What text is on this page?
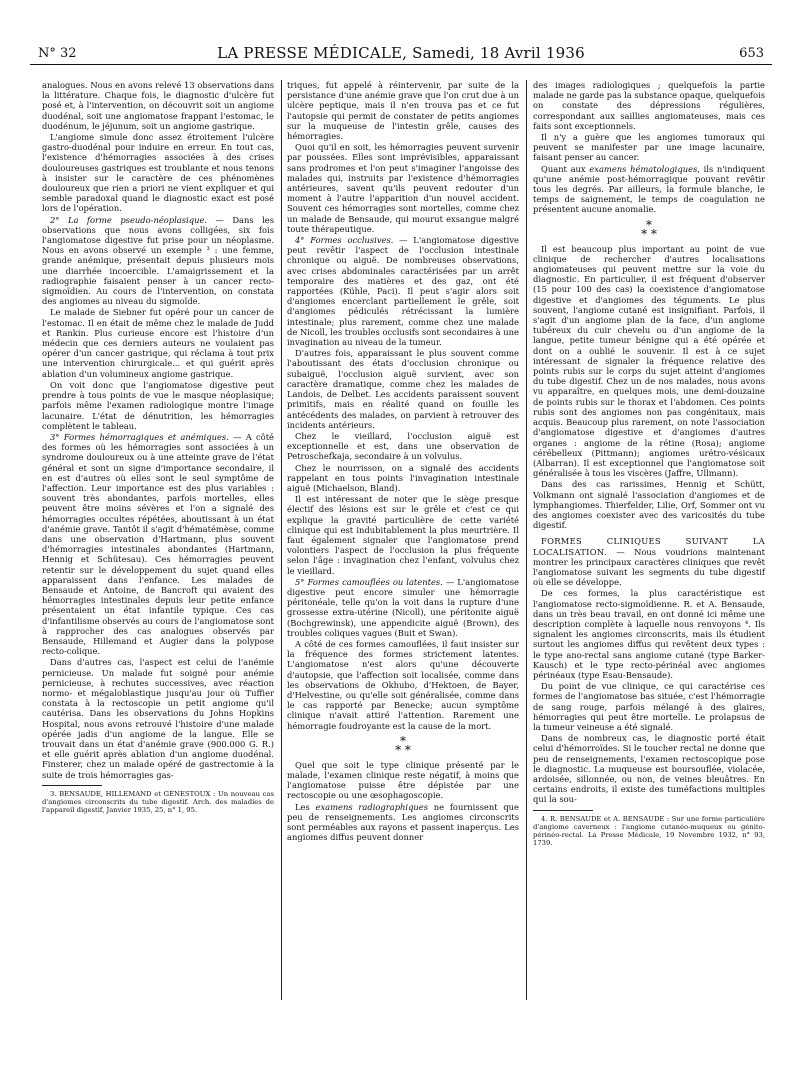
N° 32	LA PRESSE MÉDICALE, Samedi, 18 Avril 1936	653

analogues. Nous en avons relevé 13 observations dans la littérature. Chaque fois, le diagnostic d'ulcère fut posé et, à l'intervention, on découvrit soit un angiome duodénal, soit une angiomatose frappant l'estomac, le duodénum, le jéjunum, soit un angiome gastrique.

L'angiome simule donc assez étroitement l'ulcère gastro-duodénal pour induire en erreur. En tout cas, l'existence d'hémorragies associées à des crises douloureuses gastriques est troublante et nous tenons à insister sur le caractère de ces phénomènes douloureux que rien a priori ne vient expliquer et qui semble paradoxal quand le diagnostic exact est posé lors de l'opération.

2° La forme pseudo-néoplasique. — Dans les observations que nous avons colligées, six fois l'angiomatose digestive fut prise pour un néoplasme. Nous en avons observé un exemple ³ : une femme, grande anémique, présentait depuis plusieurs mois une diarrhée incoercible. L'amaigrissement et la radiographie faisaient penser à un cancer recto-sigmoïdien. Au cours de l'intervention, on constata des angiomes au niveau du sigmoïde.

Le malade de Siebner fut opéré pour un cancer de l'estomac. Il en était de même chez le malade de Judd et Rankin. Plus curieuse encore est l'histoire d'un médecin que ces derniers auteurs ne voulaient pas opérer d'un cancer gastrique, qui réclama à tout prix une intervention chirurgicale... et qui guérit après ablation d'un volumineux angiome gastrique.

On voit donc que l'angiomatose digestive peut prendre à tous points de vue le masque néoplasique; parfois même l'examen radiologique montre l'image lacunaire. L'état de dénutrition, les hémorragies complètent le tableau.

3° Formes hémorragiques et anémiques. — A côté des formes où les hémorragies sont associées à un syndrome douloureux ou à une atteinte grave de l'état général et sont un signe d'importance secondaire, il en est d'autres où elles sont le seul symptôme de l'affection. Leur importance est des plus variables : souvent très abondantes, parfois mortelles, elles peuvent être moins sévères et l'on a signalé des hémorragies occultes répétées, aboutissant à un état d'anémie grave. Tantôt il s'agit d'hématémèse, comme dans une observation d'Hartmann, plus souvent d'hémorragies intestinales abondantes (Hartmann, Hennig et Schütesau). Ces hémorragies peuvent retentir sur le développement du sujet quand elles apparaissent dans l'enfance. Les malades de Bensaude et Antoine, de Bancroft qui avaient des hémorragies intestinales depuis leur petite enfance présentaient un état infantile typique. Ces cas d'infantilisme observés au cours de l'angiomatose sont à rapprocher des cas analogues observés par Bensaude, Hillemand et Augier dans la polypose recto-colique.

Dans d'autres cas, l'aspect est celui de l'anémie pernicieuse. Un malade fut soigné pour anémie pernicieuse, à rechutes successives, avec réaction normo- et mégaloblastique jusqu'au jour où Tuffier constata à la rectoscopie un petit angiome qu'il cautérisa. Dans les observations du Johns Hopkins Hospital, nous avons retrouvé l'histoire d'une malade opérée jadis d'un angiome de la langue. Elle se trouvait dans un état d'anémie grave (900.000 G. R.) et elle guérit après ablation d'un angiome duodénal. Finsterer, chez un malade opéré de gastrectomie à la suite de trois hémorragies gas-

3. BENSAUDE, HILLEMAND et GÉNESTOUX : Un nouveau cas d'angiomes circonscrits du tube digestif. Arch. des maladies de l'appareil digestif, Janvier 1935, 25, n° 1, 95.

triques, fut appelé à réintervenir, par suite de la persistance d'une anémie grave que l'on crut due à un ulcère peptique, mais il n'en trouva pas et ce fut l'autopsie qui permit de constater de petits angiomes sur la muqueuse de l'intestin grêle, causes des hémorragies.

Quoi qu'il en soit, les hémorragies peuvent survenir par poussées. Elles sont imprévisibles, apparaissant sans prodromes et l'on peut s'imaginer l'angoisse des malades qui, instruits par l'existence d'hémorragies antérieures, savent qu'ils peuvent redouter d'un moment à l'autre l'apparition d'un nouvel accident. Souvent ces hémorragies sont mortelles, comme chez un malade de Bensaude, qui mourut exsangue malgré toute thérapeutique.

4° Formes occlusives. — L'angiomatose digestive peut revêtir l'aspect de l'occlusion intestinale chronique ou aiguë. De nombreuses observations, avec crises abdominales caractérisées par un arrêt temporaire des matières et des gaz, ont été rapportées (Kühle, Paci). Il peut s'agir alors soit d'angiomes encerclant partiellement le grêle, soit d'angiomes pédiculés rétrécissant la lumière intestinale; plus rarement, comme chez une malade de Nicoll, les troubles occlusifs sont secondaires à une invagination au niveau de la tumeur.

D'autres fois, apparaissant le plus souvent comme l'aboutissant des états d'occlusion chronique ou subaiguë, l'occlusion aiguë survient, avec son caractère dramatique, comme chez les malades de Landois, de Delbet. Les accidents paraissent souvent primitifs, mais en réalité quand on fouille les antécédents des malades, on parvient à retrouver des incidents antérieurs.

Chez le vieillard, l'occlusion aiguë est exceptionnelle et est, dans une observation de Petroschefkaja, secondaire à un volvulus.

Chez le nourrisson, on a signalé des accidents rappelant en tous points l'invagination intestinale aiguë (Michaelson, Bland).

Il est intéressant de noter que le siège presque électif des lésions est sur le grêle et c'est ce qui explique la gravité particulière de cette variété clinique qui est indubitablement la plus meurtrière. Il faut également signaler que l'angiomatose prend volontiers l'aspect de l'occlusion la plus fréquente selon l'âge : invagination chez l'enfant, volvulus chez le vieillard.

5° Formes camouflées ou latentes. — L'angiomatose digestive peut encore simuler une hémorragie péritonéale, telle qu'on la voit dans la rupture d'une grossesse extra-utérine (Nicoll), une péritonite aiguë (Bochgrewinsk), une appendicite aiguë (Brown), des troubles coliques vagues (Buit et Swan).

A côté de ces formes camouflées, il faut insister sur la fréquence des formes strictement latentes. L'angiomatose n'est alors qu'une découverte d'autopsie, que l'affection soit localisée, comme dans les observations de Okhubo, d'Hektoen, de Bayer, d'Helvestine, ou qu'elle soit généralisée, comme dans le cas rapporté par Benecke; aucun symptôme clinique n'avait attiré l'attention. Rarement une hémorragie foudroyante est la cause de la mort.

*
* *

Quel que soit le type clinique présenté par le malade, l'examen clinique reste négatif, à moins que l'angiomatose puisse être dépistée par une rectoscopie ou une œsophagoscopie.

Les examens radiographiques ne fournissent que peu de renseignements. Les angiomes circonscrits sont perméables aux rayons et passent inaperçus. Les angiomes diffus peuvent donner

des images radiologiques ; quelquefois la partie malade ne garde pas la substance opaque, quelquefois on constate des dépressions régulières, correspondant aux saillies angiomateuses, mais ces faits sont exceptionnels.

Il n'y a guère que les angiomes tumoraux qui peuvent se manifester par une image lacunaire, faisant penser au cancer.

Quant aux examens hématologiques, ils n'indiquent qu'une anémie post-hémorragique pouvant revêtir tous les degrés. Par ailleurs, la formule blanche, le temps de saignement, le temps de coagulation ne présentent aucune anomalie.

*
* *

Il est beaucoup plus important au point de vue clinique de rechercher d'autres localisations angiomateuses qui peuvent mettre sur la voie du diagnostic. En particulier, il est fréquent d'observer (15 pour 100 des cas) la coexistence d'angiomatose digestive et d'angiomes des téguments. Le plus souvent, l'angiome cutané est insignifiant. Parfois, il s'agit d'un angiome plan de la face, d'un angiome tubéreux du cuir chevelu ou d'un angiome de la langue, petite tumeur bénigne qui a été opérée et dont on a oublié le souvenir. Il est à ce sujet intéressant de signaler la fréquence relative des points rubis sur le corps du sujet atteint d'angiomes du tube digestif. Chez un de nos malades, nous avons vu apparaître, en quelques mois, une demi-douzaine de points rubis sur le thorax et l'abdomen. Ces points rubis sont des angiomes non pas congénitaux, mais acquis. Beaucoup plus rarement, on note l'association d'angiomatose digestive et d'angiomes d'autres organes : angiome de la rétine (Rosa); angiome cérébelleux (Pittmann); angiomes urétro-vésicaux (Albarran). Il est exceptionnel que l'angiomatose soit généralisée à tous les viscères (Jaffre, Ullmann).

Dans des cas rarissimes, Hennig et Schütt, Volkmann ont signalé l'association d'angiomes et de lymphangiomes. Thierfelder, Lilie, Orf, Sommer ont vu des angiomes coexister avec des varicosités du tube digestif.

FORMES CLINIQUES SUIVANT LA LOCALISATION. — Nous voudrions maintenant montrer les principaux caractères cliniques que revêt l'angiomatose suivant les segments du tube digestif où elle se développe.

De ces formes, la plus caractéristique est l'angiomatose recto-sigmoïdienne. R. et A. Bensaude, dans un très beau travail, en ont donné ici même une description complète à laquelle nous renvoyons ⁴. Ils signalent les angiomes circonscrits, mais ils étudient surtout les angiomes diffus qui revêtent deux types : le type ano-rectal sans angiome cutané (type Barker-Kausch) et le type recto-périnéal avec angiomes périnéaux (type Esau-Bensaude).

Du point de vue clinique, ce qui caractérise ces formes de l'angiomatose bas située, c'est l'hémorragie de sang rouge, parfois mélangé à des glaires, hémorragies qui peut être mortelle. Le prolapsus de la tumeur veineuse a été signalé.

Dans de nombreux cas, le diagnostic porté était celui d'hémorroïdes. Si le toucher rectal ne donne que peu de renseignements, l'examen rectoscopique pose le diagnostic. La muqueuse est boursouflée, violacée, ardoisée, sillonnée, ou non, de veines bleuâtres. En certains endroits, il existe des tuméfactions multiples qui la sou-

4. R. BENSAUDE et A. BENSAUDE : Sur une forme particulière d'angiome caverneux : l'angiome cutanéo-muqueux ou génito-périnéo-rectal. La Presse Médicale, 19 Novembre 1932, n° 93, 1739.
